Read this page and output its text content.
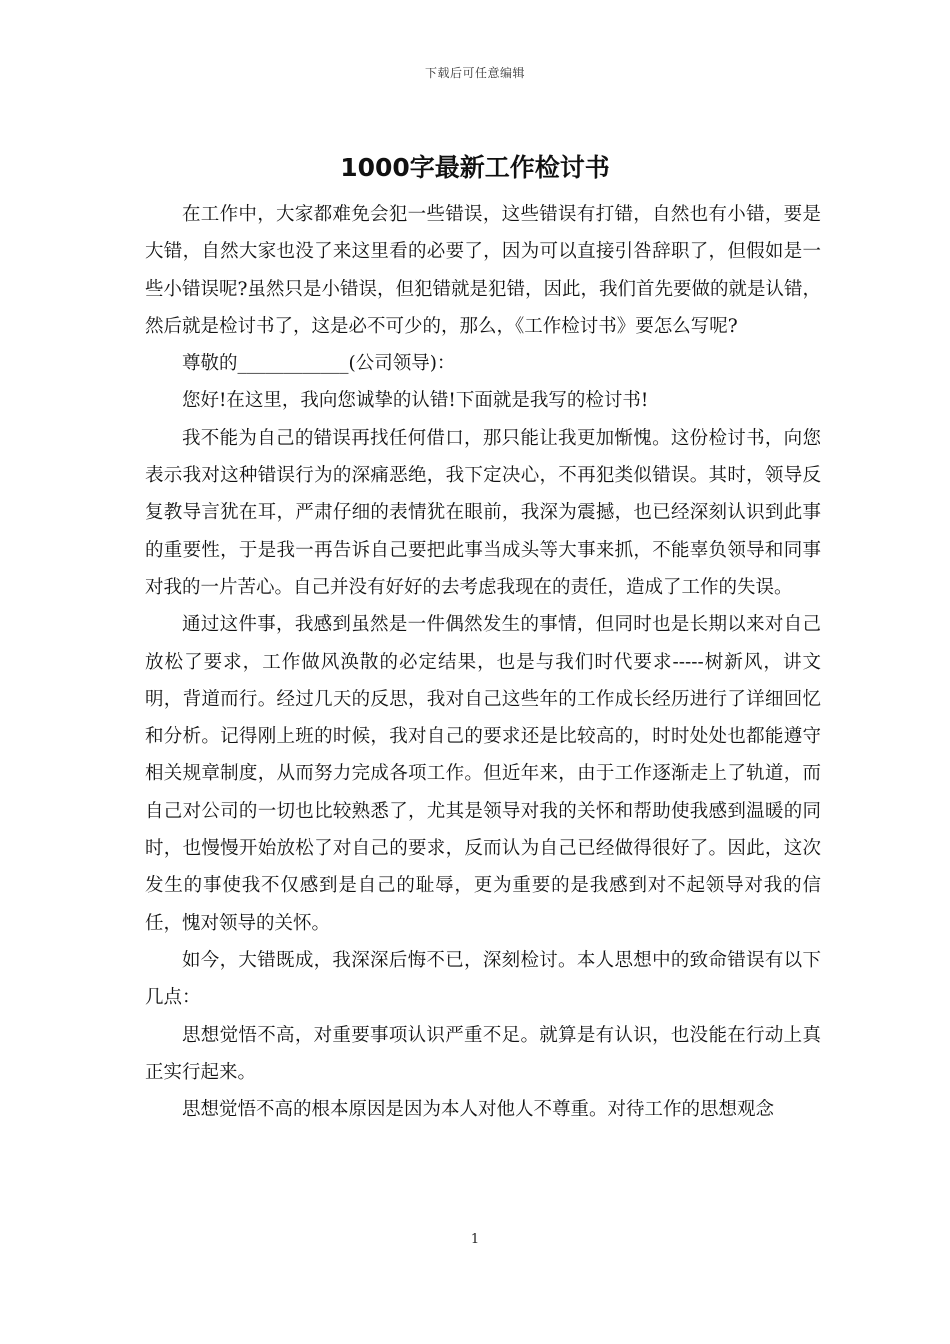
下载后可任意编辑
1000字最新工作检讨书

在工作中，大家都难免会犯一些错误，这些错误有打错，自然也有小错，要是大错，自然大家也没了来这里看的必要了，因为可以直接引咎辞职了，但假如是一些小错误呢?虽然只是小错误，但犯错就是犯错，因此，我们首先要做的就是认错，然后就是检讨书了，这是必不可少的，那么，《工作检讨书》要怎么写呢?

尊敬的____________(公司领导)：

您好!在这里，我向您诚挚的认错!下面就是我写的检讨书!

我不能为自己的错误再找任何借口，那只能让我更加惭愧。这份检讨书，向您表示我对这种错误行为的深痛恶绝，我下定决心，不再犯类似错误。其时，领导反复教导言犹在耳，严肃仔细的表情犹在眼前，我深为震撼，也已经深刻认识到此事的重要性，于是我一再告诉自己要把此事当成头等大事来抓，不能辜负领导和同事对我的一片苦心。自己并没有好好的去考虑我现在的责任，造成了工作的失误。

通过这件事，我感到虽然是一件偶然发生的事情，但同时也是长期以来对自己放松了要求，工作做风涣散的必定结果，也是与我们时代要求-----树新风，讲文明，背道而行。经过几天的反思，我对自己这些年的工作成长经历进行了详细回忆和分析。记得刚上班的时候，我对自己的要求还是比较高的，时时处处也都能遵守相关规章制度，从而努力完成各项工作。但近年来，由于工作逐渐走上了轨道，而自己对公司的一切也比较熟悉了，尤其是领导对我的关怀和帮助使我感到温暖的同时，也慢慢开始放松了对自己的要求，反而认为自己已经做得很好了。因此，这次发生的事使我不仅感到是自己的耻辱，更为重要的是我感到对不起领导对我的信任，愧对领导的关怀。

如今，大错既成，我深深后悔不已，深刻检讨。本人思想中的致命错误有以下几点：

思想觉悟不高，对重要事项认识严重不足。就算是有认识，也没能在行动上真正实行起来。

思想觉悟不高的根本原因是因为本人对他人不尊重。对待工作的思想观念

1
